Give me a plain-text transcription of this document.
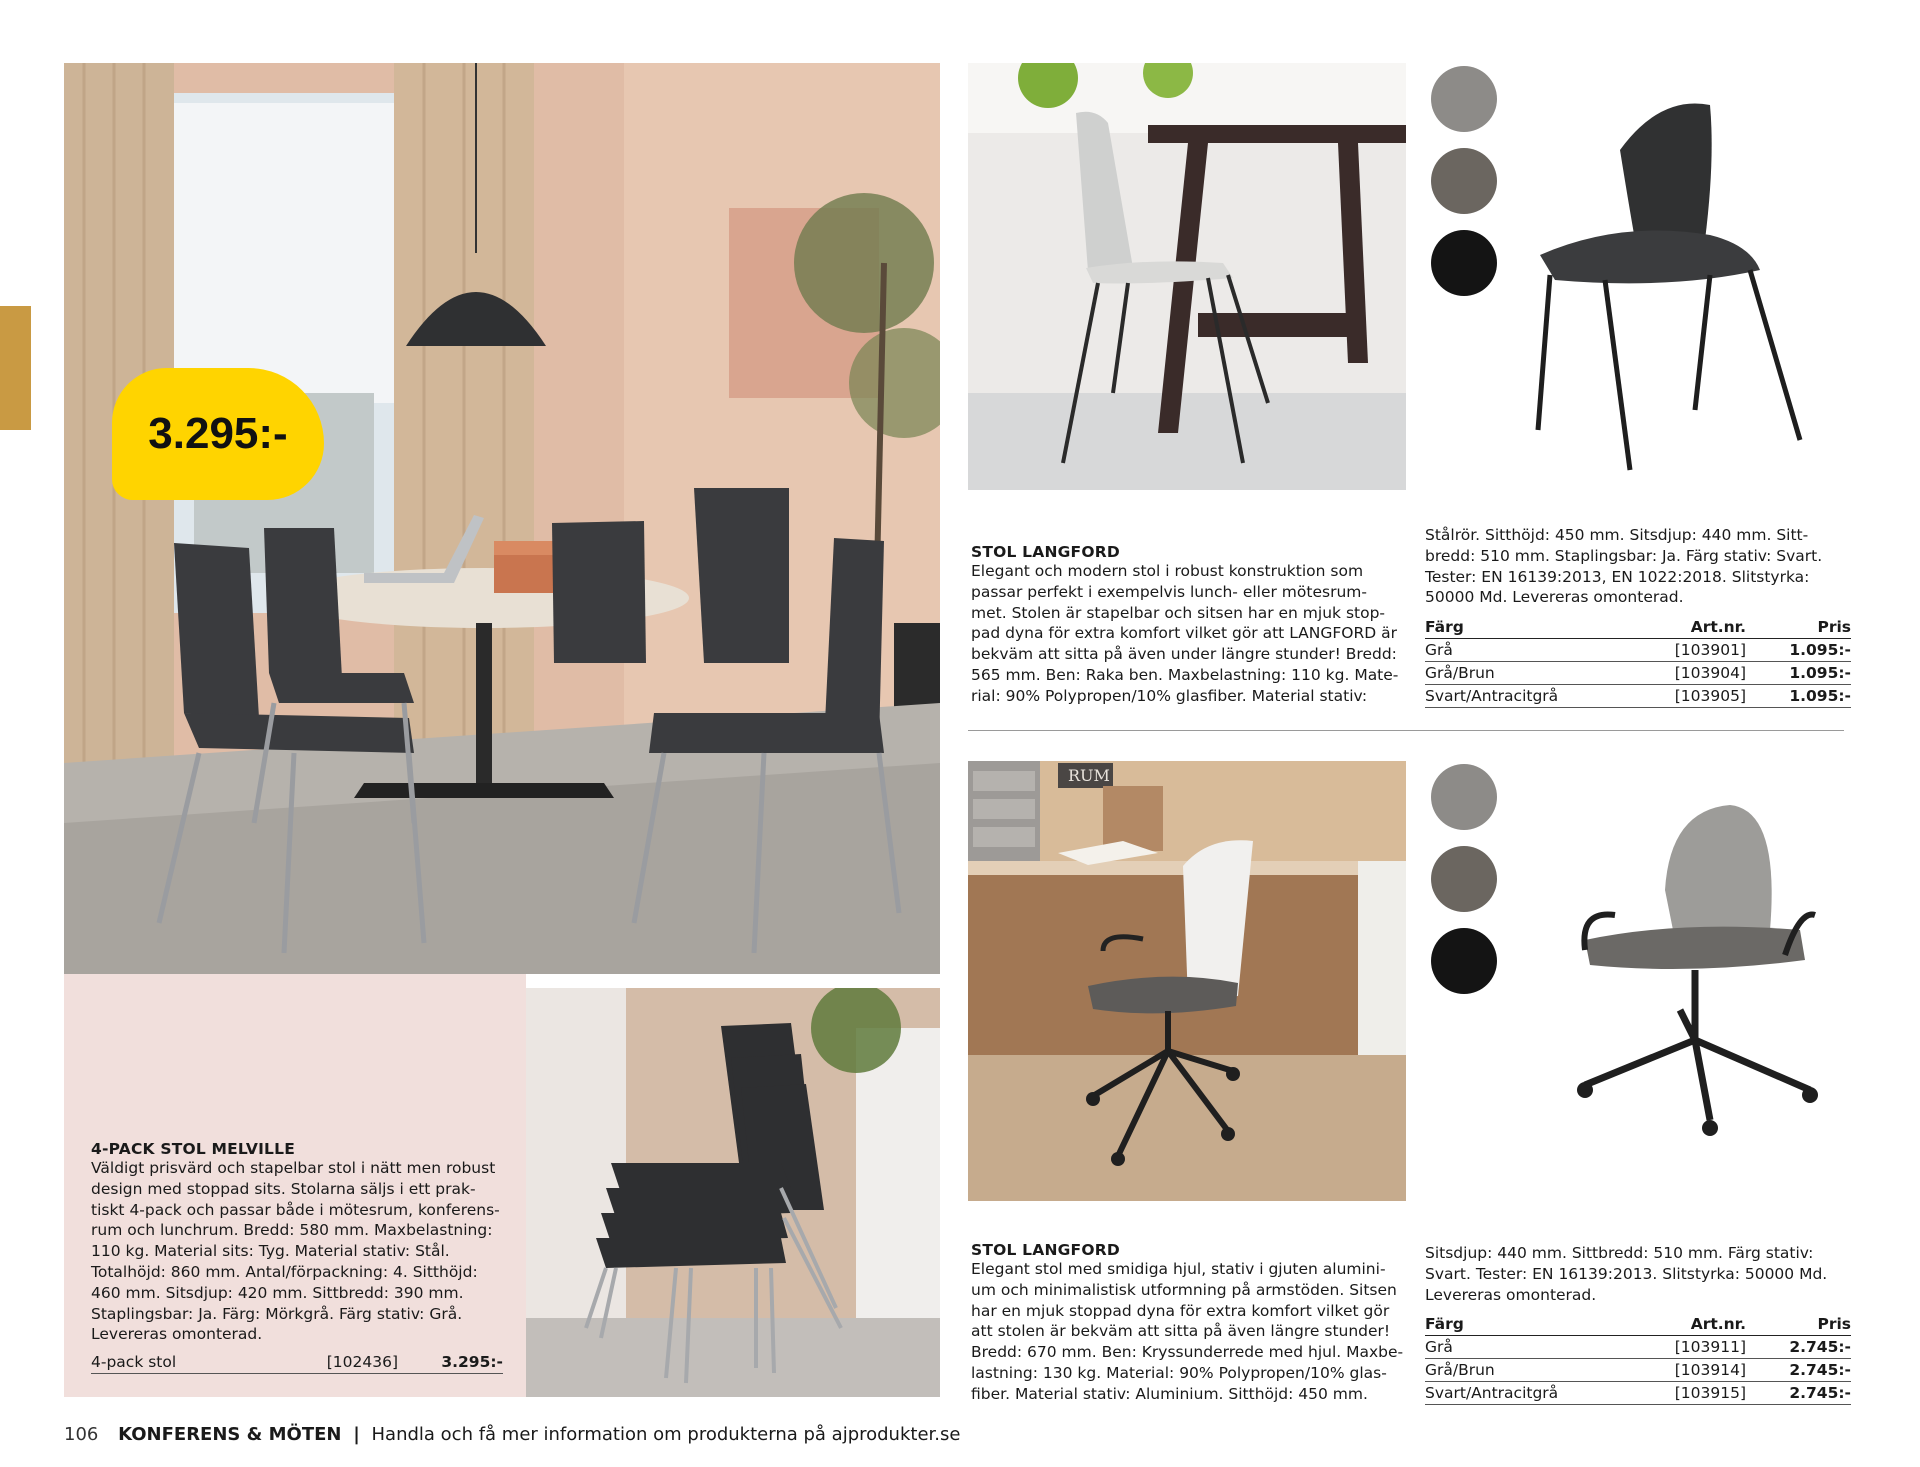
3.295:-
4-PACK STOL MELVILLE

Väldigt prisvärd och stapelbar stol i nätt men robust
design med stoppad sits. Stolarna säljs i ett prak-
tiskt 4-pack och passar både i mötesrum, konferens-
rum och lunchrum. Bredd: 580 mm. Maxbelastning:
110 kg. Material sits: Tyg. Material stativ: Stål.
Totalhöjd: 860 mm. Antal/förpackning: 4. Sitthöjd:
460 mm. Sitsdjup: 420 mm. Sittbredd: 390 mm.
Staplingsbar: Ja. Färg: Mörkgrå. Färg stativ: Grå.
Levereras omonterad.

4-pack stol	[102436]	3.295:-
STOL LANGFORD

Elegant och modern stol i robust konstruktion som
passar perfekt i exempelvis lunch- eller mötesrum-
met. Stolen är stapelbar och sitsen har en mjuk stop-
pad dyna för extra komfort vilket gör att LANGFORD är
bekväm att sitta på även under längre stunder! Bredd:
565 mm. Ben: Raka ben. Maxbelastning: 110 kg. Mate-
rial: 90% Polypropen/10% glasfiber. Material stativ:

Stålrör. Sitthöjd: 450 mm. Sitsdjup: 440 mm. Sitt-
bredd: 510 mm. Staplingsbar: Ja. Färg stativ: Svart.
Tester: EN 16139:2013, EN 1022:2018. Slitstyrka:
50000 Md. Levereras omonterad.

Färg	Art.nr.	Pris
Grå	[103901]	1.095:-
Grå/Brun	[103904]	1.095:-
Svart/Antracitgrå	[103905]	1.095:-
RUM
STOL LANGFORD

Elegant stol med smidiga hjul, stativ i gjuten alumini-
um och minimalistisk utformning på armstöden. Sitsen
har en mjuk stoppad dyna för extra komfort vilket gör
att stolen är bekväm att sitta på även längre stunder!
Bredd: 670 mm. Ben: Kryssunderrede med hjul. Maxbe-
lastning: 130 kg. Material: 90% Polypropen/10% glas-
fiber. Material stativ: Aluminium. Sitthöjd: 450 mm.

Sitsdjup: 440 mm. Sittbredd: 510 mm. Färg stativ:
Svart. Tester: EN 16139:2013. Slitstyrka: 50000 Md.
Levereras omonterad.

Färg	Art.nr.	Pris
Grå	[103911]	2.745:-
Grå/Brun	[103914]	2.745:-
Svart/Antracitgrå	[103915]	2.745:-
106 KONFERENS & MÖTEN | Handla och få mer information om produkterna på ajprodukter.se
